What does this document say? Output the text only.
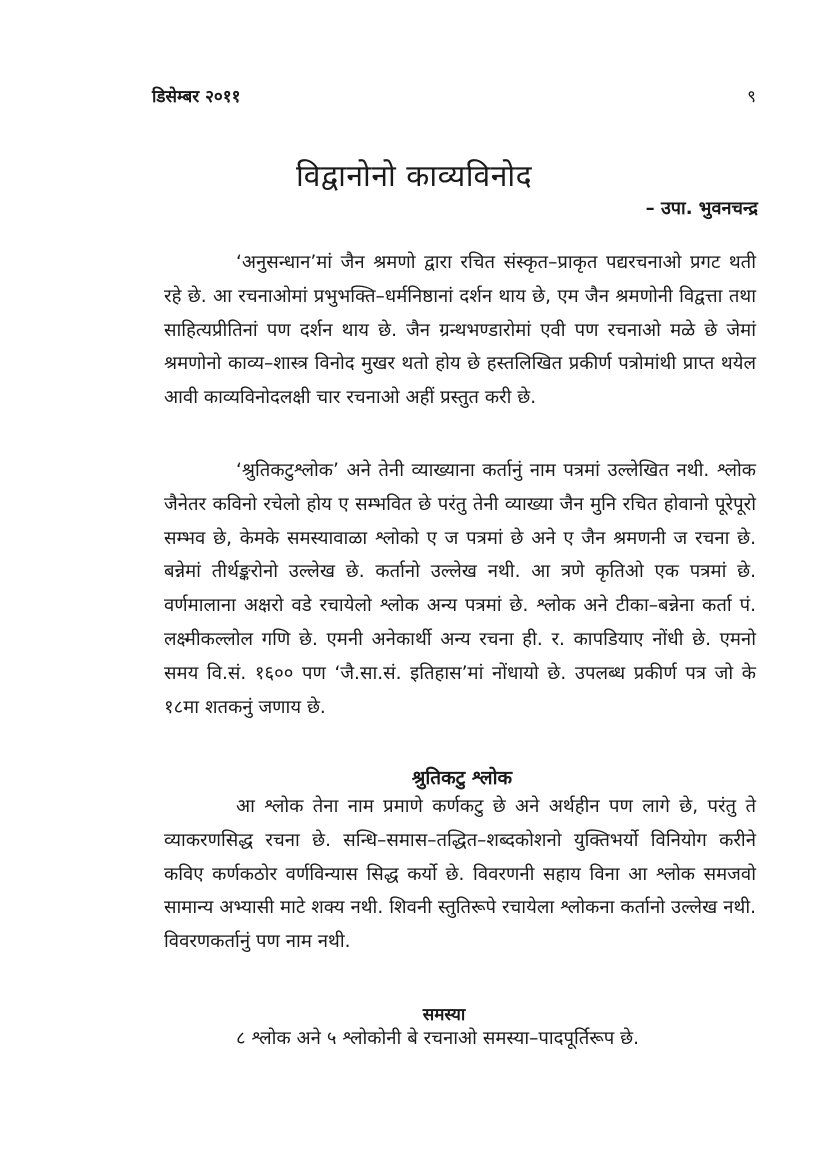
डिसेम्बर २०११	९
विद्वानोनो काव्यविनोद
– उपा. भुवनचन्द्र

‘अनुसन्धान’मां जैन श्रमणो द्वारा रचित संस्कृत–प्राकृत पद्यरचनाओ प्रगट थती रहे छे. आ रचनाओमां प्रभुभक्ति–धर्मनिष्ठानां दर्शन थाय छे, एम जैन श्रमणोनी विद्वत्ता तथा साहित्यप्रीतिनां पण दर्शन थाय छे. जैन ग्रन्थभण्डारोमां एवी पण रचनाओ मळे छे जेमां श्रमणोनो काव्य–शास्त्र विनोद मुखर थतो होय छे हस्तलिखित प्रकीर्ण पत्रोमांथी प्राप्त थयेल आवी काव्यविनोदलक्षी चार रचनाओ अहीं प्रस्तुत करी छे.

‘श्रुतिकटुश्लोक’ अने तेनी व्याख्याना कर्तानुं नाम पत्रमां उल्लेखित नथी. श्लोक जैनेतर कविनो रचेलो होय ए सम्भवित छे परंतु तेनी व्याख्या जैन मुनि रचित होवानो पूरेपूरो सम्भव छे, केमके समस्यावाळा श्लोको ए ज पत्रमां छे अने ए जैन श्रमणनी ज रचना छे. बन्नेमां तीर्थङ्करोनो उल्लेख छे. कर्तानो उल्लेख नथी. आ त्रणे कृतिओ एक पत्रमां छे. वर्णमालाना अक्षरो वडे रचायेलो श्लोक अन्य पत्रमां छे. श्लोक अने टीका–बन्नेना कर्ता पं. लक्ष्मीकल्लोल गणि छे. एमनी अनेकार्थी अन्य रचना ही. र. कापडियाए नोंधी छे. एमनो समय वि.सं. १६०० पण ‘जै.सा.सं. इतिहास’मां नोंधायो छे. उपलब्ध प्रकीर्ण पत्र जो के १८मा शतकनुं जणाय छे.

श्रुतिकटु श्लोक

आ श्लोक तेना नाम प्रमाणे कर्णकटु छे अने अर्थहीन पण लागे छे, परंतु ते व्याकरणसिद्ध रचना छे. सन्धि–समास–तद्धित–शब्दकोशनो युक्तिभर्यो विनियोग करीने कविए कर्णकठोर वर्णविन्यास सिद्ध कर्यो छे. विवरणनी सहाय विना आ श्लोक समजवो सामान्य अभ्यासी माटे शक्य नथी. शिवनी स्तुतिरूपे रचायेला श्लोकना कर्तानो उल्लेख नथी. विवरणकर्तानुं पण नाम नथी.

समस्या

८ श्लोक अने ५ श्लोकोनी बे रचनाओ समस्या–पादपूर्तिरूप छे.
